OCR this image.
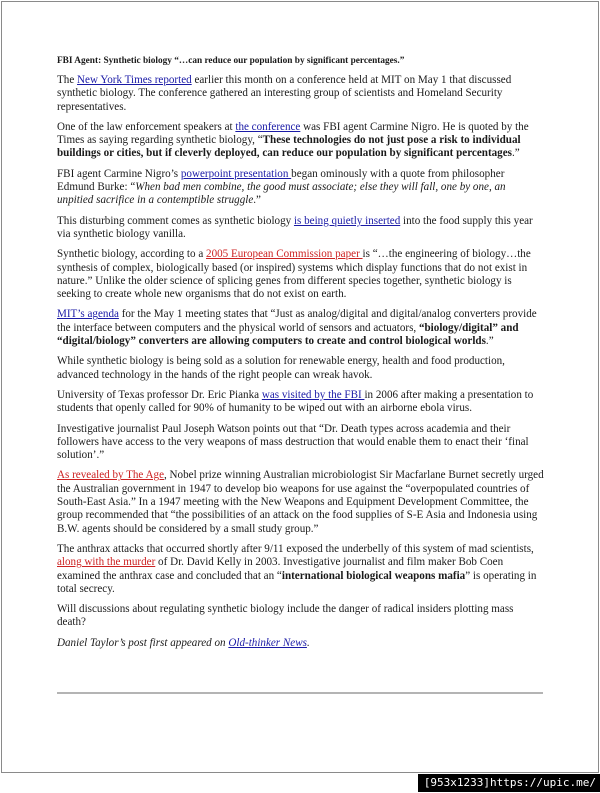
FBI Agent: Synthetic biology “…can reduce our population by significant percentages.”

The New York Times reported earlier this month on a conference held at MIT on May 1 that discussed synthetic biology. The conference gathered an interesting group of scientists and Homeland Security representatives.

One of the law enforcement speakers at the conference was FBI agent Carmine Nigro. He is quoted by the Times as saying regarding synthetic biology, “These technologies do not just pose a risk to individual buildings or cities, but if cleverly deployed, can reduce our population by significant percentages.”

FBI agent Carmine Nigro’s powerpoint presentation began ominously with a quote from philosopher Edmund Burke: “When bad men combine, the good must associate; else they will fall, one by one, an unpitied sacrifice in a contemptible struggle.”

This disturbing comment comes as synthetic biology is being quietly inserted into the food supply this year via synthetic biology vanilla.

Synthetic biology, according to a 2005 European Commission paper is “…the engineering of biology…the synthesis of complex, biologically based (or inspired) systems which display functions that do not exist in nature.” Unlike the older science of splicing genes from different species together, synthetic biology is seeking to create whole new organisms that do not exist on earth.

MIT’s agenda for the May 1 meeting states that “Just as analog/digital and digital/analog converters provide the interface between computers and the physical world of sensors and actuators, “biology/digital” and “digital/biology” converters are allowing computers to create and control biological worlds.”

While synthetic biology is being sold as a solution for renewable energy, health and food production, advanced technology in the hands of the right people can wreak havok.

University of Texas professor Dr. Eric Pianka was visited by the FBI in 2006 after making a presentation to students that openly called for 90% of humanity to be wiped out with an airborne ebola virus.

Investigative journalist Paul Joseph Watson points out that “Dr. Death types across academia and their followers have access to the very weapons of mass destruction that would enable them to enact their ‘final solution’.”

As revealed by The Age, Nobel prize winning Australian microbiologist Sir Macfarlane Burnet secretly urged the Australian government in 1947 to develop bio weapons for use against the “overpopulated countries of South-East Asia.” In a 1947 meeting with the New Weapons and Equipment Development Committee, the group recommended that “the possibilities of an attack on the food supplies of S-E Asia and Indonesia using B.W. agents should be considered by a small study group.”

The anthrax attacks that occurred shortly after 9/11 exposed the underbelly of this system of mad scientists, along with the murder of Dr. David Kelly in 2003. Investigative journalist and film maker Bob Coen examined the anthrax case and concluded that an “international biological weapons mafia” is operating in total secrecy.

Will discussions about regulating synthetic biology include the danger of radical insiders plotting mass death?

Daniel Taylor’s post first appeared on Old-thinker News.

[953x1233]https://upic.me/
